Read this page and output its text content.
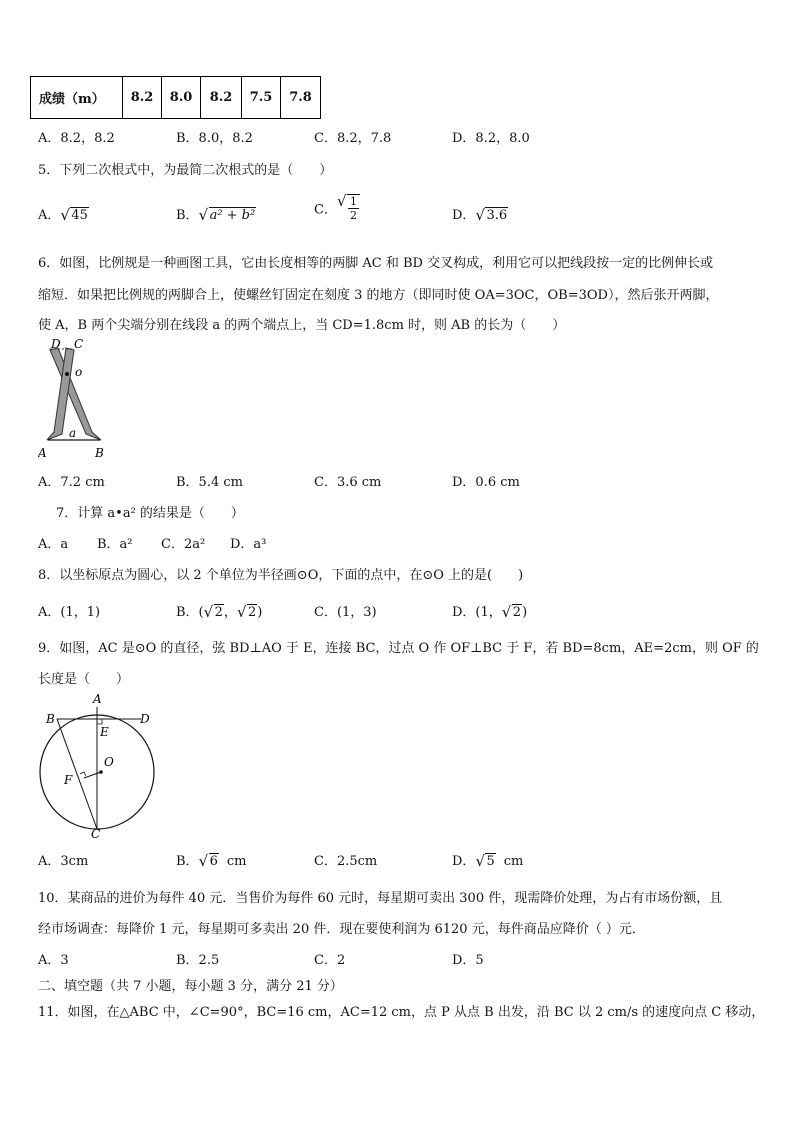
成绩（m）	8.2	8.0	8.2	7.5	7.8
A．8.2，8.2	B．8.0，8.2	C．8.2，7.8	D．8.2，8.0
5．下列二次根式中，为最简二次根式的是（　　）
A． √ 45	B． √ a² + b²	C． √ $\frac{1}{2}$	D． √ 3.6
6．如图，比例规是一种画图工具，它由长度相等的两脚 AC 和 BD 交叉构成，利用它可以把线段按一定的比例伸长或
缩短．如果把比例规的两脚合上，使螺丝钉固定在刻度 3 的地方（即同时使 OA=3OC，OB=3OD），然后张开两脚，
使 A，B 两个尖端分别在线段 a 的两个端点上，当 CD=1.8cm 时，则 AB 的长为（　　）
D C
o
a
A	B
A．7.2 cm	B．5.4 cm	C．3.6 cm	D．0.6 cm
7．计算 a•a² 的结果是（　　）
A．a B．a² C．2a² D．a³
8．以坐标原点为圆心，以 2 个单位为半径画⊙O，下面的点中，在⊙O 上的是(　　)
A．(1，1)	B．( √ 2， √ 2)	C．(1，3)	D．(1， √ 2)
9．如图，AC 是⊙O 的直径，弦 BD⊥AO 于 E，连接 BC，过点 O 作 OF⊥BC 于 F，若 BD=8cm，AE=2cm，则 OF 的
长度是（　　）
A
B	D
E
O
F
C
A．3cm	B． √ 6 cm	C．2.5cm	D． √ 5 cm
10．某商品的进价为每件 40 元．当售价为每件 60 元时，每星期可卖出 300 件，现需降价处理，为占有市场份额，且
经市场调查：每降价 1 元，每星期可多卖出 20 件．现在要使利润为 6120 元，每件商品应降价（ ）元．
A．3	B．2.5	C．2	D．5
二、填空题（共 7 小题，每小题 3 分，满分 21 分）
11．如图，在△ABC 中，∠C=90°，BC=16 cm，AC=12 cm，点 P 从点 B 出发，沿 BC 以 2 cm/s 的速度向点 C 移动，
